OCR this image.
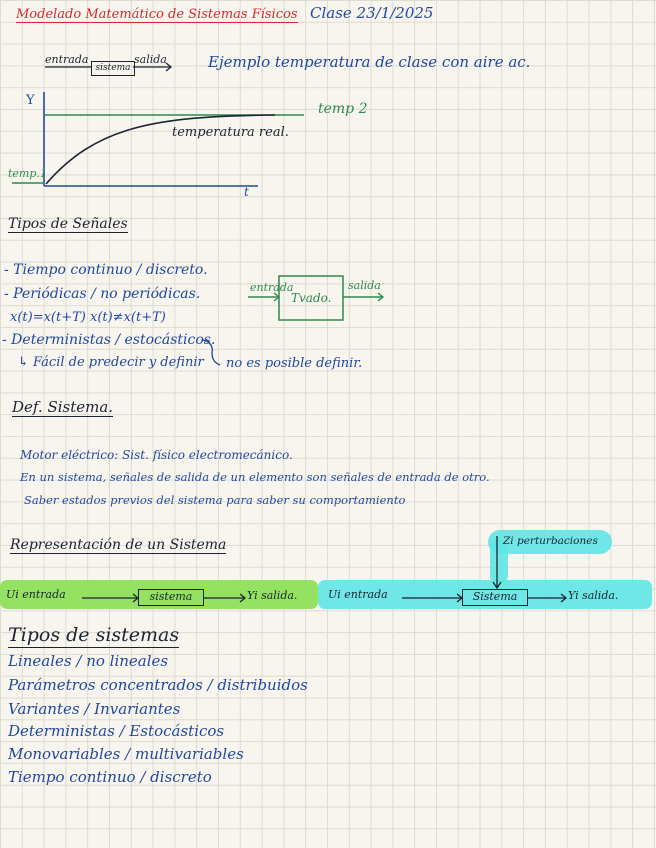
Modelado Matemático de Sistemas Físicos Clase 23/1/2025
entrada
sistema
salida	Ejemplo temperatura de clase con aire ac.
Y
t
temp.1
temp 2
temperatura real.
Tipos de Señales
- Tiempo continuo / discreto.
- Periódicas / no periódicas.
x(t)=x(t+T) x(t)≠x(t+T)
- Deterministas / estocásticos.
↳ Fácil de predecir y definir no es posible definir.
entrada
Tvado.
salida
Def. Sistema.
Motor eléctrico: Sist. físico electromecánico.
En un sistema, señales de salida de un elemento son señales de entrada de otro.
Saber estados previos del sistema para saber su comportamiento
Representación de un Sistema
Ui entrada	sistema	Yi salida.	Ui entrada	Sistema	Yi salida.
Zi perturbaciones
Tipos de sistemas
Lineales / no lineales
Parámetros concentrados / distribuidos
Variantes / Invariantes
Deterministas / Estocásticos
Monovariables / multivariables
Tiempo continuo / discreto
